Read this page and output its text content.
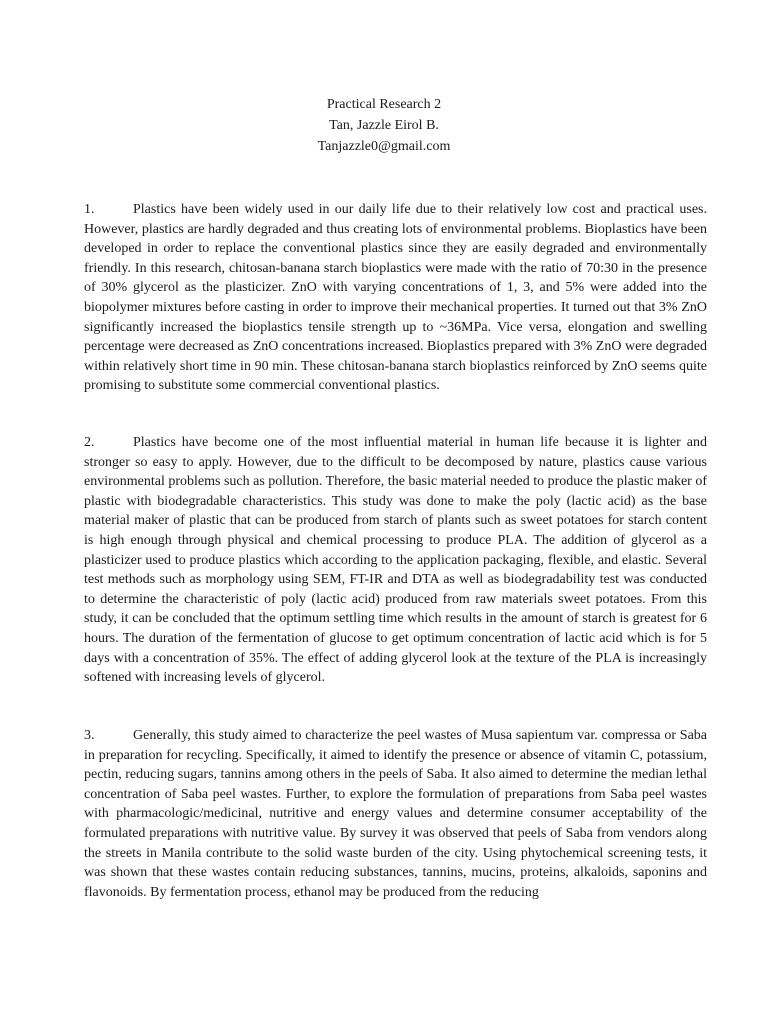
Practical Research 2
Tan, Jazzle Eirol B.
Tanjazzle0@gmail.com

1.	Plastics have been widely used in our daily life due to their relatively low cost and practical uses. However, plastics are hardly degraded and thus creating lots of environmental problems. Bioplastics have been developed in order to replace the conventional plastics since they are easily degraded and environmentally friendly. In this research, chitosan-banana starch bioplastics were made with the ratio of 70:30 in the presence of 30% glycerol as the plasticizer. ZnO with varying concentrations of 1, 3, and 5% were added into the biopolymer mixtures before casting in order to improve their mechanical properties. It turned out that 3% ZnO significantly increased the bioplastics tensile strength up to ~36MPa. Vice versa, elongation and swelling percentage were decreased as ZnO concentrations increased. Bioplastics prepared with 3% ZnO were degraded within relatively short time in 90 min. These chitosan-banana starch bioplastics reinforced by ZnO seems quite promising to substitute some commercial conventional plastics.

2.	Plastics have become one of the most influential material in human life because it is lighter and stronger so easy to apply. However, due to the difficult to be decomposed by nature, plastics cause various environmental problems such as pollution. Therefore, the basic material needed to produce the plastic maker of plastic with biodegradable characteristics. This study was done to make the poly (lactic acid) as the base material maker of plastic that can be produced from starch of plants such as sweet potatoes for starch content is high enough through physical and chemical processing to produce PLA. The addition of glycerol as a plasticizer used to produce plastics which according to the application packaging, flexible, and elastic. Several test methods such as morphology using SEM, FT-IR and DTA as well as biodegradability test was conducted to determine the characteristic of poly (lactic acid) produced from raw materials sweet potatoes. From this study, it can be concluded that the optimum settling time which results in the amount of starch is greatest for 6 hours. The duration of the fermentation of glucose to get optimum concentration of lactic acid which is for 5 days with a concentration of 35%. The effect of adding glycerol look at the texture of the PLA is increasingly softened with increasing levels of glycerol.

3.	Generally, this study aimed to characterize the peel wastes of Musa sapientum var. compressa or Saba in preparation for recycling. Specifically, it aimed to identify the presence or absence of vitamin C, potassium, pectin, reducing sugars, tannins among others in the peels of Saba. It also aimed to determine the median lethal concentration of Saba peel wastes. Further, to explore the formulation of preparations from Saba peel wastes with pharmacologic/medicinal, nutritive and energy values and determine consumer acceptability of the formulated preparations with nutritive value. By survey it was observed that peels of Saba from vendors along the streets in Manila contribute to the solid waste burden of the city. Using phytochemical screening tests, it was shown that these wastes contain reducing substances, tannins, mucins, proteins, alkaloids, saponins and flavonoids. By fermentation process, ethanol may be produced from the reducing
